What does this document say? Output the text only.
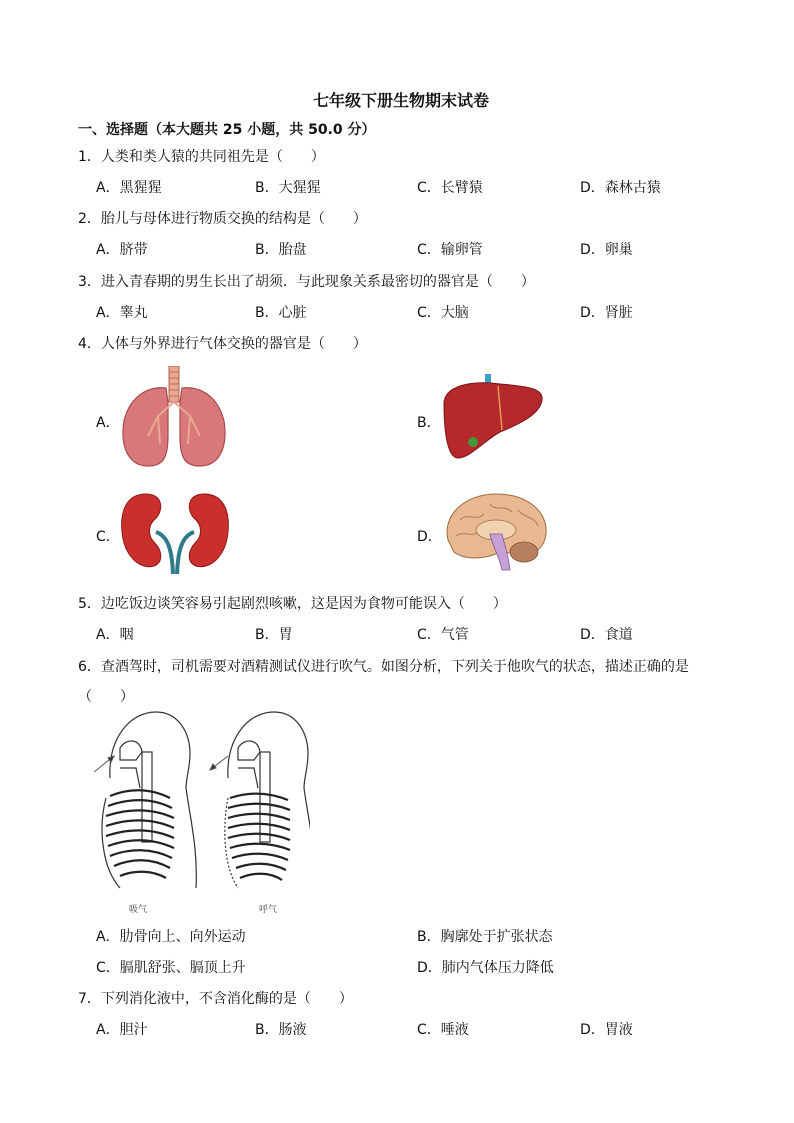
七年级下册生物期末试卷
一、选择题（本大题共 25 小题，共 50.0 分）
1．人类和类人猿的共同祖先是（　　）
A．黑猩猩	B．大猩猩	C．长臂猿	D．森林古猿
2．胎儿与母体进行物质交换的结构是（　　）
A．脐带	B．胎盘	C．输卵管	D．卵巢
3．进入青春期的男生长出了胡须．与此现象关系最密切的器官是（　　）
A．睾丸	B．心脏	C．大脑	D．肾脏
4．人体与外界进行气体交换的器官是（　　）
A．	B．
C．	D．
5．边吃饭边谈笑容易引起剧烈咳嗽，这是因为食物可能误入（　　）
A．咽	B．胃	C．气管	D．食道
6．查酒驾时，司机需要对酒精测试仪进行吹气。如图分析，下列关于他吹气的状态，描述正确的是
（　　）
吸气	呼气
A．肋骨向上、向外运动	B．胸廓处于扩张状态
C．膈肌舒张、膈顶上升	D．肺内气体压力降低
7．下列消化液中，不含消化酶的是（　　）
A．胆汁	B．肠液	C．唾液	D．胃液
